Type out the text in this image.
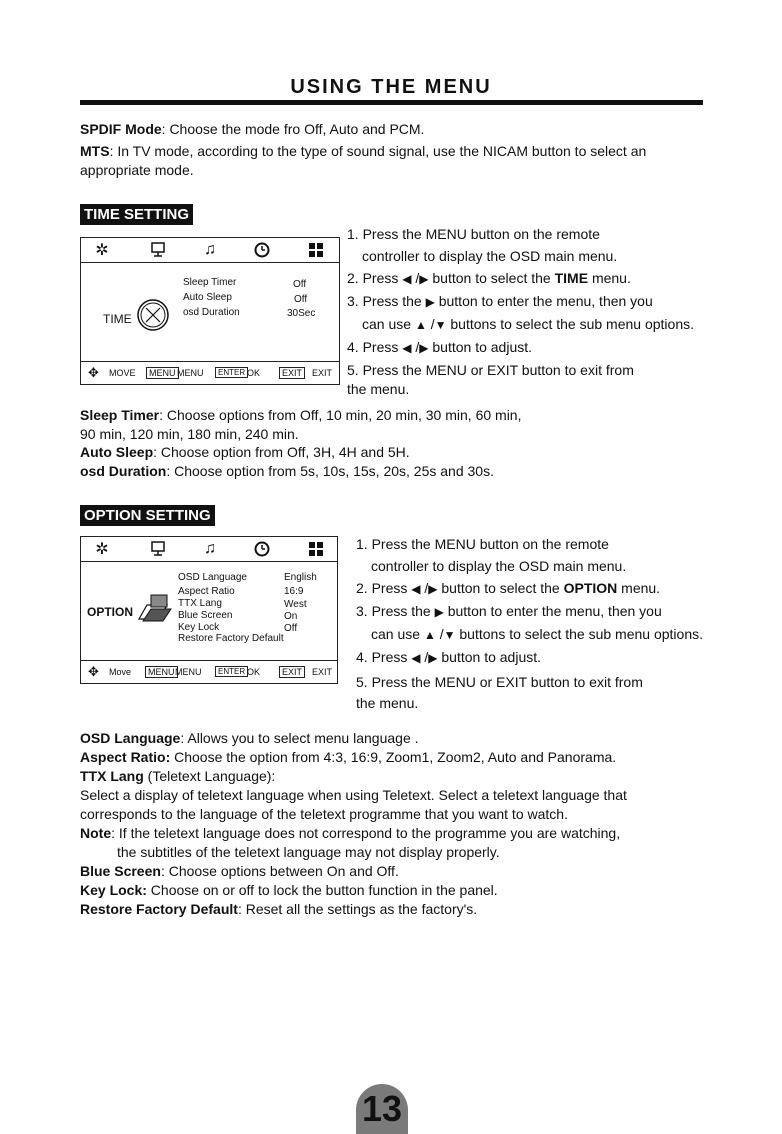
USING THE MENU
SPDIF Mode: Choose the mode fro Off, Auto and PCM.
MTS: In TV mode, according to the type of sound signal, use the NICAM button to select an
appropriate mode.
TIME SETTING
✲	♫
TIME
Sleep Timer	Off
Auto Sleep	Off
osd Duration	30Sec
✥ MOVE	MENU MENU	ENTER OK	EXIT	EXIT
1. Press the MENU button on the remote
controller to display the OSD main menu.
2. Press ◀ /▶ button to select the TIME menu.
3. Press the ▶ button to enter the menu, then you
can use ▲ /▼ buttons to select the sub menu options.
4. Press ◀ /▶ button to adjust.
5. Press the MENU or EXIT button to exit from
the menu.
Sleep Timer: Choose options from Off, 10 min, 20 min, 30 min, 60 min,
90 min, 120 min, 180 min, 240 min.
Auto Sleep: Choose option from Off, 3H, 4H and 5H.
osd Duration: Choose option from 5s, 10s, 15s, 20s, 25s and 30s.
OPTION SETTING
✲	♫
OPTION
OSD Language	English
Aspect Ratio	16:9
TTX Lang	West
Blue Screen	On
Key Lock	Off
Restore Factory Default
✥ Move	MENU MENU	ENTER OK	EXIT	EXIT
1. Press the MENU button on the remote
controller to display the OSD main menu.
2. Press ◀ /▶ button to select the OPTION menu.
3. Press the ▶ button to enter the menu, then you
can use ▲ /▼ buttons to select the sub menu options.
4. Press ◀ /▶ button to adjust.
5. Press the MENU or EXIT button to exit from
the menu.
OSD Language: Allows you to select menu language .
Aspect Ratio: Choose the option from 4:3, 16:9, Zoom1, Zoom2, Auto and Panorama.
TTX Lang (Teletext Language):
Select a display of teletext language when using Teletext. Select a teletext language that
corresponds to the language of the teletext programme that you want to watch.
Note: If the teletext language does not correspond to the programme you are watching,
the subtitles of the teletext language may not display properly.
Blue Screen: Choose options between On and Off.
Key Lock: Choose on or off to lock the button function in the panel.
Restore Factory Default: Reset all the settings as the factory's.
13
